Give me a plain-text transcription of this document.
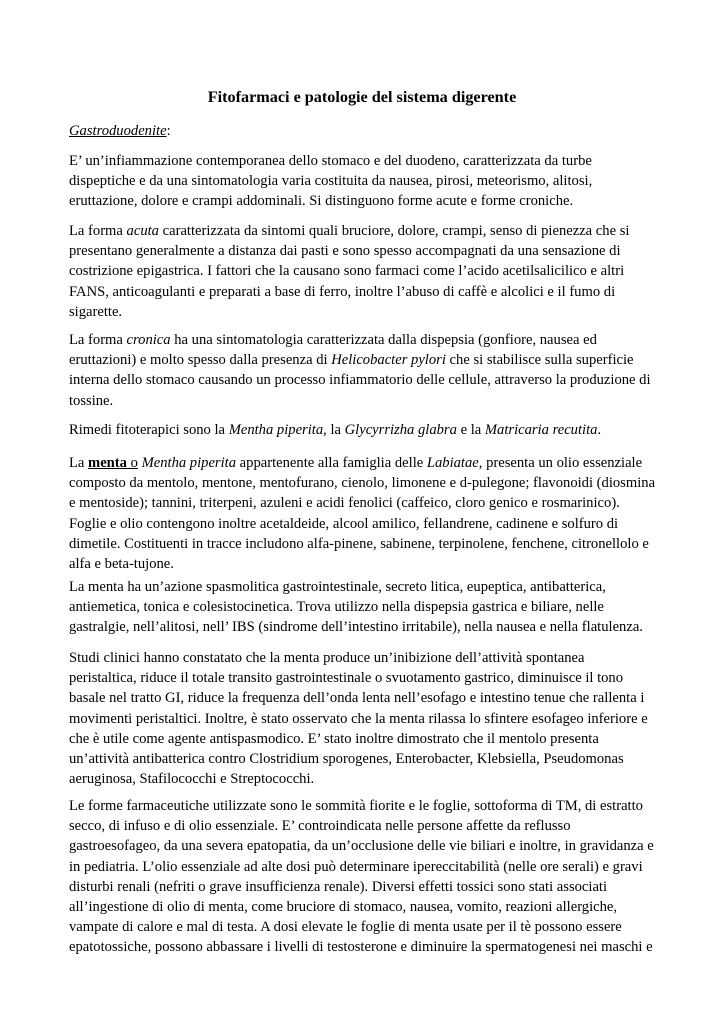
Fitofarmaci e patologie del sistema digerente
Gastroduodenite:

E’ un’infiammazione contemporanea dello stomaco e del duodeno, caratterizzata da turbe
dispeptiche e da una sintomatologia varia costituita da nausea, pirosi, meteorismo, alitosi,
eruttazione, dolore e crampi addominali. Si distinguono forme acute e forme croniche.

La forma acuta caratterizzata da sintomi quali bruciore, dolore, crampi, senso di pienezza che si
presentano generalmente a distanza dai pasti e sono spesso accompagnati da una sensazione di
costrizione epigastrica. I fattori che la causano sono farmaci come l’acido acetilsalicilico e altri
FANS, anticoagulanti e preparati a base di ferro, inoltre l’abuso di caffè e alcolici e il fumo di
sigarette.

La forma cronica ha una sintomatologia caratterizzata dalla dispepsia (gonfiore, nausea ed
eruttazioni) e molto spesso dalla presenza di Helicobacter pylori che si stabilisce sulla superficie
interna dello stomaco causando un processo infiammatorio delle cellule, attraverso la produzione di
tossine.

Rimedi fitoterapici sono la Mentha piperita, la Glycyrrizha glabra e la Matricaria recutita.

La menta o Mentha piperita appartenente alla famiglia delle Labiatae, presenta un olio essenziale
composto da mentolo, mentone, mentofurano, cienolo, limonene e d-pulegone; flavonoidi (diosmina
e mentoside); tannini, triterpeni, azuleni e acidi fenolici (caffeico, cloro genico e rosmarinico).
Foglie e olio contengono inoltre acetaldeide, alcool amilico, fellandrene, cadinene e solfuro di
dimetile. Costituenti in tracce includono alfa-pinene, sabinene, terpinolene, fenchene, citronellolo e
alfa e beta-tujone.

La menta ha un’azione spasmolitica gastrointestinale, secreto litica, eupeptica, antibatterica,
antiemetica, tonica e colesistocinetica. Trova utilizzo nella dispepsia gastrica e biliare, nelle
gastralgie, nell’alitosi, nell’ IBS (sindrome dell’intestino irritabile), nella nausea e nella flatulenza.

Studi clinici hanno constatato che la menta produce un’inibizione dell’attività spontanea
peristaltica, riduce il totale transito gastrointestinale o svuotamento gastrico, diminuisce il tono
basale nel tratto GI, riduce la frequenza dell’onda lenta nell’esofago e intestino tenue che rallenta i
movimenti peristaltici. Inoltre, è stato osservato che la menta rilassa lo sfintere esofageo inferiore e
che è utile come agente antispasmodico. E’ stato inoltre dimostrato che il mentolo presenta
un’attività antibatterica contro Clostridium sporogenes, Enterobacter, Klebsiella, Pseudomonas
aeruginosa, Stafilococchi e Streptococchi.

Le forme farmaceutiche utilizzate sono le sommità fiorite e le foglie, sottoforma di TM, di estratto
secco, di infuso e di olio essenziale. E’ controindicata nelle persone affette da reflusso
gastroesofageo, da una severa epatopatia, da un’occlusione delle vie biliari e inoltre, in gravidanza e
in pediatria. L’olio essenziale ad alte dosi può determinare ipereccitabilità (nelle ore serali) e gravi
disturbi renali (nefriti o grave insufficienza renale). Diversi effetti tossici sono stati associati
all’ingestione di olio di menta, come bruciore di stomaco, nausea, vomito, reazioni allergiche,
vampate di calore e mal di testa. A dosi elevate le foglie di menta usate per il tè possono essere
epatotossiche, possono abbassare i livelli di testosterone e diminuire la spermatogenesi nei maschi e
